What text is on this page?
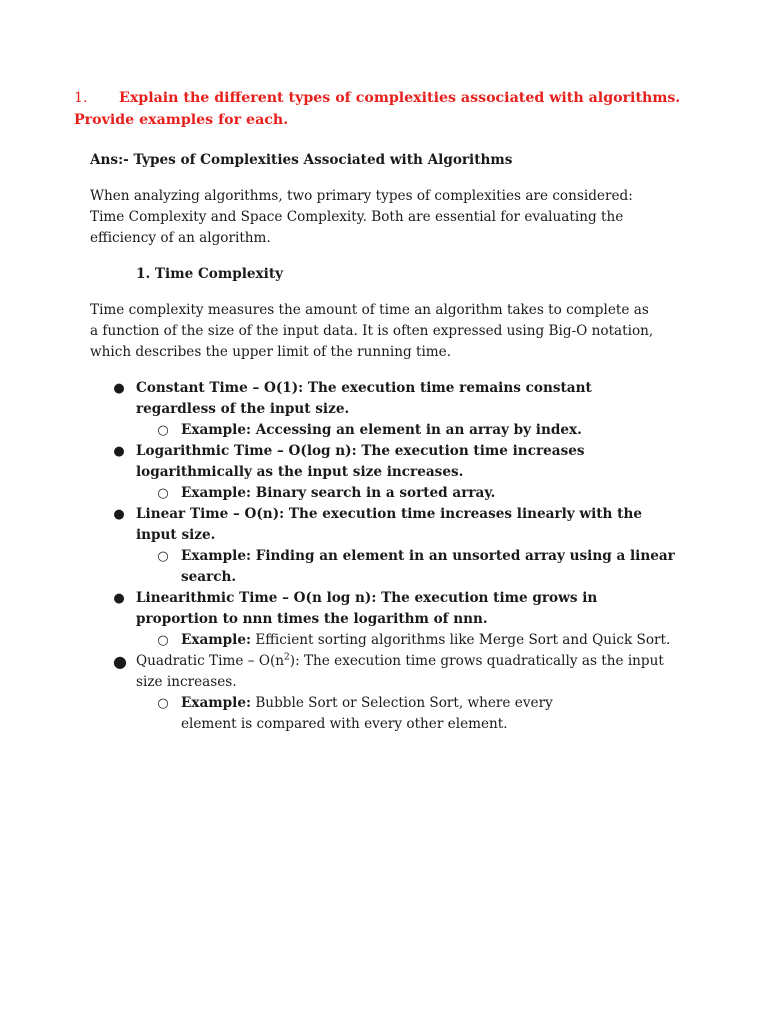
1. Explain the different types of complexities associated with algorithms.
Provide examples for each.
Ans:- Types of Complexities Associated with Algorithms
When analyzing algorithms, two primary types of complexities are considered: Time Complexity and Space Complexity. Both are essential for evaluating the efficiency of an algorithm.
1. Time Complexity
Time complexity measures the amount of time an algorithm takes to complete as a function of the size of the input data. It is often expressed using Big-O notation, which describes the upper limit of the running time.
● Constant Time – O(1): The execution time remains constant regardless of the input size.
○ Example: Accessing an element in an array by index.
● Logarithmic Time – O(log n): The execution time increases logarithmically as the input size increases.
○ Example: Binary search in a sorted array.
● Linear Time – O(n): The execution time increases linearly with the input size.
○ Example: Finding an element in an unsorted array using a linear search.
● Linearithmic Time – O(n log n): The execution time grows in proportion to nnn times the logarithm of nnn.
○ Example: Efficient sorting algorithms like Merge Sort and Quick Sort.
● Quadratic Time – $O(n^2)$: The execution time grows quadratically as the input size increases.
○ Example: Bubble Sort or Selection Sort, where every element is compared with every other element.
